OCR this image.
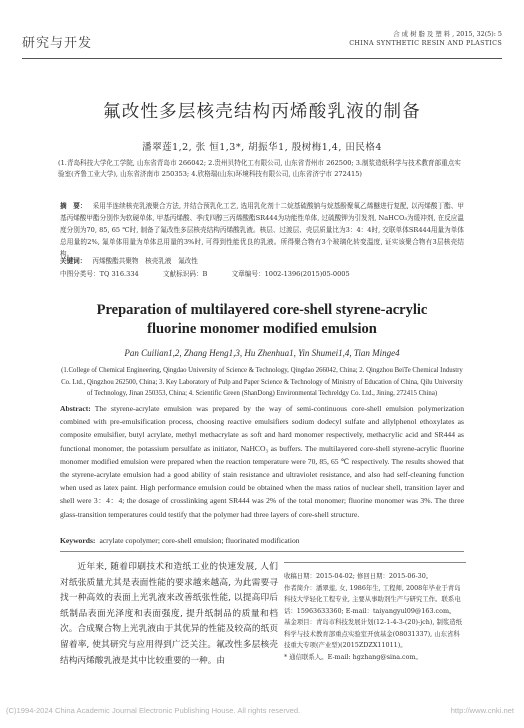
研究与开发
合 成 树 脂 及 塑 料 , 2015, 32(5): 5
CHINA SYNTHETIC RESIN AND PLASTICS
氟改性多层核壳结构丙烯酸乳液的制备
潘翠莲1,2, 张 恒1,3*, 胡振华1, 殷树梅1,4, 田民格4
(1.青岛科技大学化工学院, 山东省青岛市 266042; 2.贵州贝特化工有限公司, 山东省青州市 262500; 3.制浆造纸科学与技术教育部重点实验室(齐鲁工业大学), 山东省济南市 250353; 4.欣格瑞(山东)环境科技有限公司, 山东省济宁市 272415)
摘　要： 采用半连续核壳乳液聚合方法, 并结合预乳化工艺, 选用乳化剂十二烷基硫酸钠与烷基酚聚氧乙烯醚进行复配, 以丙烯酸丁酯、甲基丙烯酸甲酯分别作为软硬单体, 甲基丙烯酸、季戊四醇三丙烯酸酯SR444为功能性单体, 过硫酸钾为引发剂, NaHCO₃为缓冲剂, 在反应温度分别为70, 85, 65 ℃时, 制备了氟改性多层核壳结构丙烯酸乳液。核层、过渡层、壳层质量比为3：4：4时, 交联单体SR444用量为单体总用量的2%, 氟单体用量为单体总用量的3%时, 可得到性能优良的乳液。所得聚合物有3个玻璃化转变温度, 证实该聚合物有3层核壳结构。
关键词： 丙烯酸酯共聚物　核壳乳液　氟改性
中图分类号：TQ 316.334	文献标识码：B	文章编号：1002-1396(2015)05-0005
Preparation of multilayered core-shell styrene-acrylic
fluorine monomer modified emulsion
Pan Cuilian1,2, Zhang Heng1,3, Hu Zhenhua1, Yin Shumei1,4, Tian Minge4
(1.College of Chemical Engineering, Qingdao University of Science & Technology, Qingdao 266042, China; 2. Qingzhou BeiTe Chemical Industry Co. Ltd., Qingzhou 262500, China; 3. Key Laboratory of Pulp and Paper Science & Technology of Ministry of Education of China, Qilu University of Technology, Jinan 250353, China; 4. Scientific Green (ShanDong) Environmental Techreldgy Co. Ltd., Jining, 272415 China)
Abstract: The styrene-acrylate emulsion was prepared by the way of semi-continuous core-shell emulsion polymerization combined with pre-emulsification process, choosing reactive emulsifiers sodium dodecyl sulfate and allylphenol ethoxylates as composite emulsifier, butyl acrylate, methyl methacrylate as soft and hard monomer respectively, methacrylic acid and SR444 as functional monomer, the potassium persulfate as initiator, NaHCO₃ as buffers. The multilayered core-shell styrene-acrylic fluorine monomer modified emulsion were prepared when the reaction temperature were 70, 85, 65 ℃ respectively. The results showed that the styrene-acrylate emulsion had a good ability of stain resistance and ultraviolet resistance, and also had self-cleaning function when used as latex paint. High performance emulsion could be obtained when the mass ratios of nuclear shell, transition layer and shell were 3：4：4; the dosage of crosslinking agent SR444 was 2% of the total monomer; fluorine monomer was 3%. The three glass-transition temperatures could testify that the polymer had three layers of core-shell structure.
Keywords: acrylate copolymer; core-shell emulsion; fluorinated modification
近年来, 随着印刷技术和造纸工业的快速发展, 人们对纸张质量尤其是表面性能的要求越来越高, 为此需要寻找一种高效的表面上光乳液来改善纸张性能, 以提高印后纸制品表面光泽度和表面强度, 提升纸制品的质量和档次。合成聚合物上光乳液由于其优异的性能及较高的纸页留着率, 使其研究与应用得到广泛关注。氟改性多层核壳结构丙烯酸乳液是其中比较重要的一种。由

收稿日期：2015-04-02; 修回日期：2015-06-30。

作者简介：潘翠莲, 女, 1986年生, 工程师, 2008年毕业于青岛科技大学轻化工程专业, 主要从事助剂生产与研究工作。联系电话：15963633360; E-mail：taiyangyul09@163.com。

基金项目：青岛市科技发展计划(12-1-4-3-(20)-jch), 制浆造纸科学与技术教育部重点实验室开放基金(08031337), 山东省科技重大专项(产业型)(2015ZDZX11011)。

* 通信联系人。E-mail: hgzhang@sina.com。

(C)1994-2024 China Academic Journal Electronic Publishing House. All rights reserved.	http://www.cnki.net
